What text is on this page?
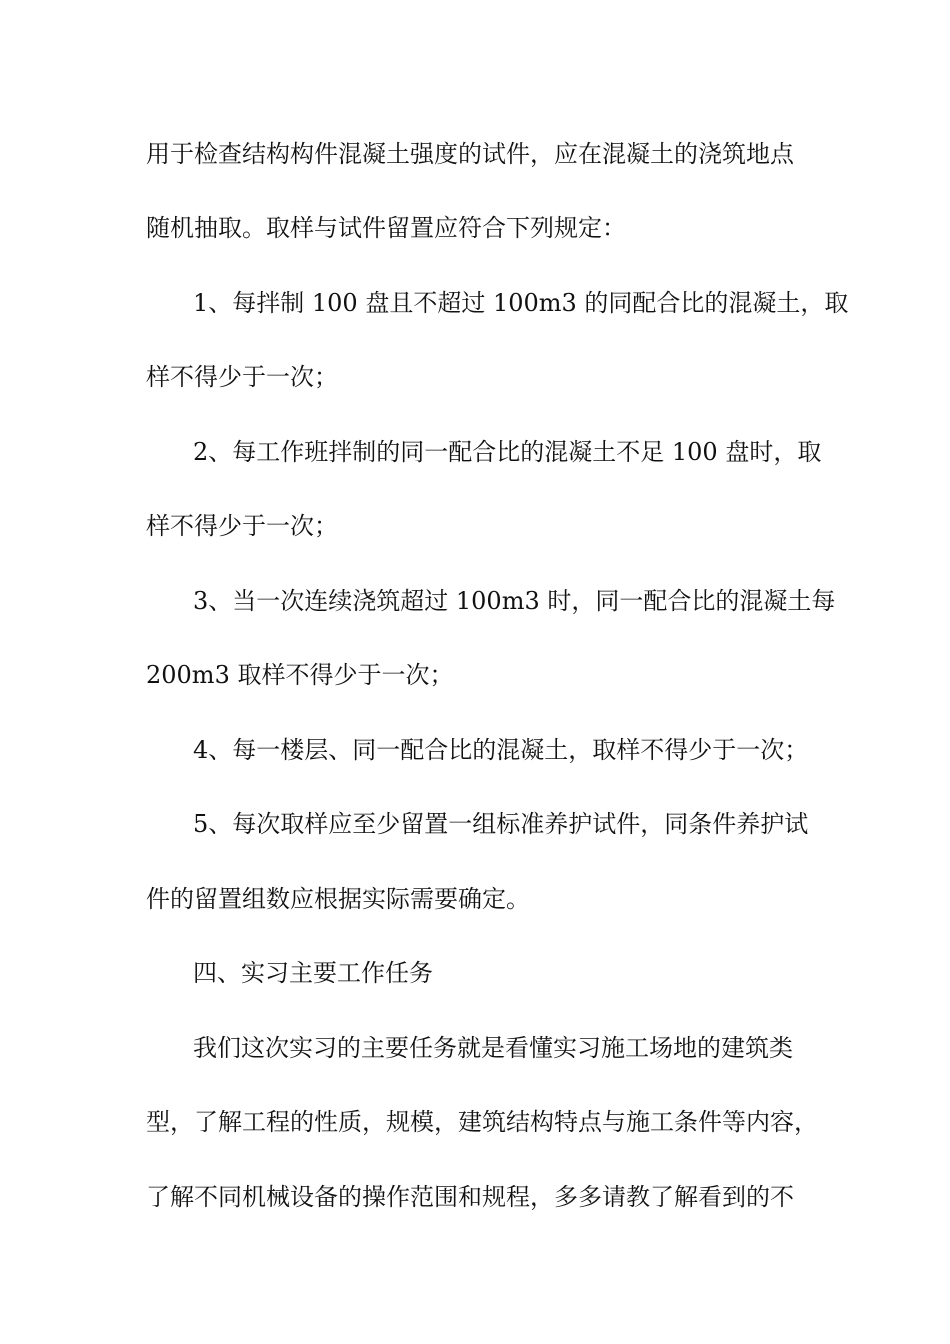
用于检查结构构件混凝土强度的试件，应在混凝土的浇筑地点

随机抽取。取样与试件留置应符合下列规定：

1、每拌制 100 盘且不超过 100m3 的同配合比的混凝土，取

样不得少于一次；

2、每工作班拌制的同一配合比的混凝土不足 100 盘时，取

样不得少于一次；

3、当一次连续浇筑超过 100m3 时，同一配合比的混凝土每

200m3 取样不得少于一次；

4、每一楼层、同一配合比的混凝土，取样不得少于一次；

5、每次取样应至少留置一组标准养护试件，同条件养护试

件的留置组数应根据实际需要确定。

四、实习主要工作任务

我们这次实习的主要任务就是看懂实习施工场地的建筑类

型，了解工程的性质，规模，建筑结构特点与施工条件等内容，

了解不同机械设备的操作范围和规程，多多请教了解看到的不
